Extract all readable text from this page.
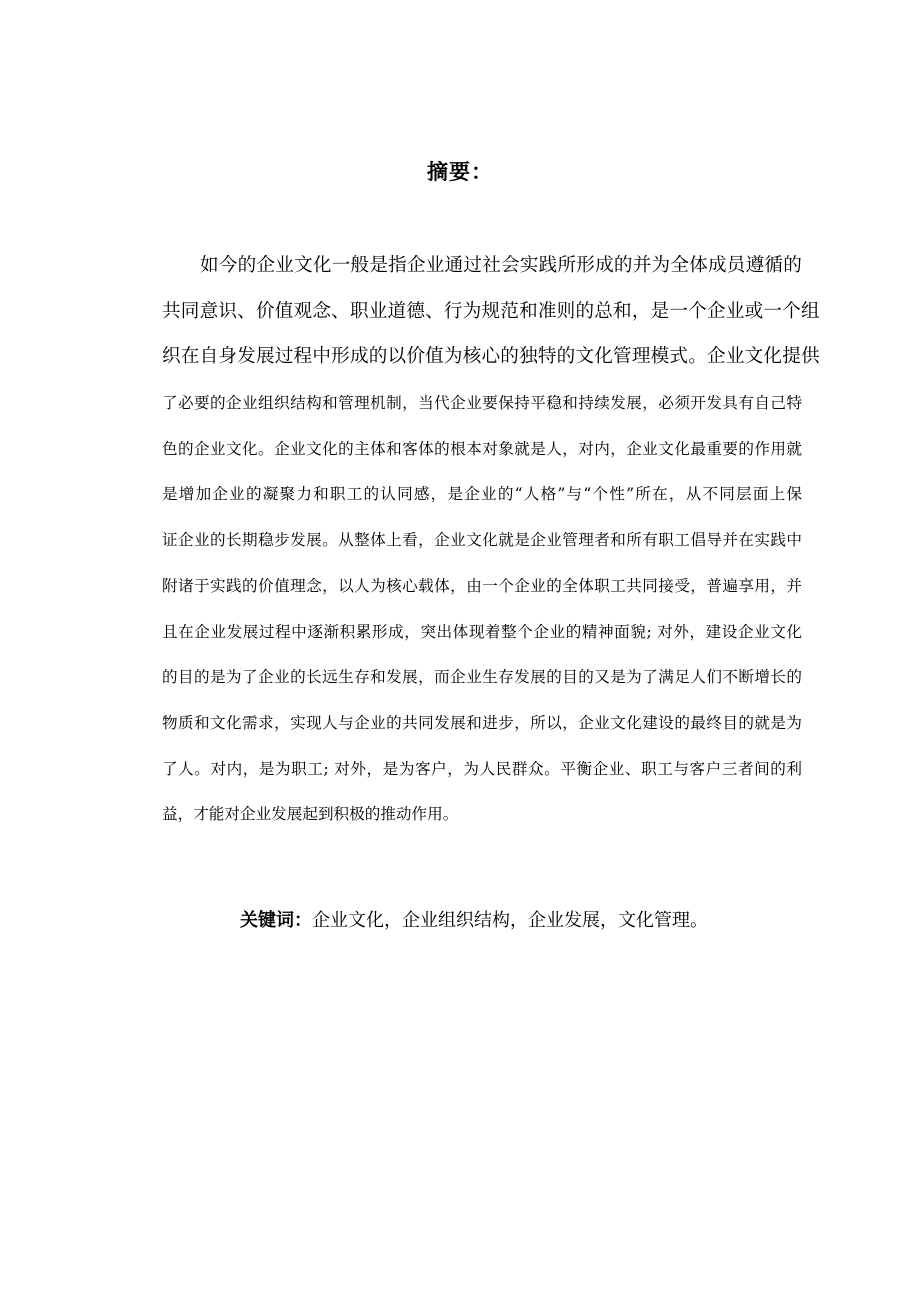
摘要：
如今的企业文化一般是指企业通过社会实践所形成的并为全体成员遵循的
共同意识、价值观念、职业道德、行为规范和准则的总和，是一个企业或一个组
织在自身发展过程中形成的以价值为核心的独特的文化管理模式。企业文化提供
了必要的企业组织结构和管理机制，当代企业要保持平稳和持续发展，必须开发具有自己特
色的企业文化。企业文化的主体和客体的根本对象就是人，对内，企业文化最重要的作用就
是增加企业的凝聚力和职工的认同感，是企业的“人格”与“个性”所在，从不同层面上保
证企业的长期稳步发展。从整体上看，企业文化就是企业管理者和所有职工倡导并在实践中
附诸于实践的价值理念，以人为核心载体，由一个企业的全体职工共同接受，普遍享用，并
且在企业发展过程中逐渐积累形成，突出体现着整个企业的精神面貌; 对外，建设企业文化
的目的是为了企业的长远生存和发展，而企业生存发展的目的又是为了满足人们不断增长的
物质和文化需求，实现人与企业的共同发展和进步，所以，企业文化建设的最终目的就是为
了人。对内，是为职工; 对外，是为客户，为人民群众。平衡企业、职工与客户三者间的利
益，才能对企业发展起到积极的推动作用。
关键词：企业文化，企业组织结构，企业发展，文化管理。
